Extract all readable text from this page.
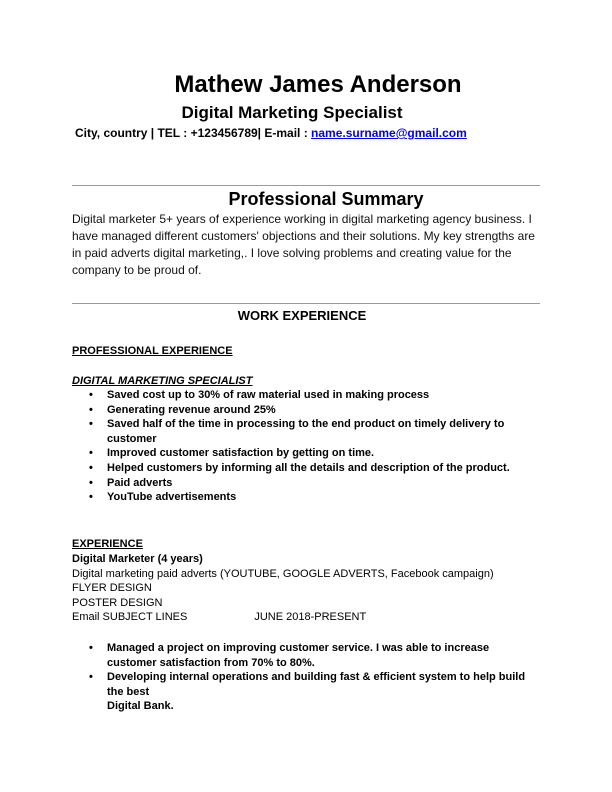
Mathew James Anderson
Digital Marketing Specialist
City, country | TEL : +123456789| E-mail : name.surname@gmail.com
Professional Summary
Digital marketer 5+ years of experience working in digital marketing agency business. I have managed different customers' objections and their solutions. My key strengths are in paid adverts digital marketing,. I love solving problems and creating value for the company to be proud of.
WORK EXPERIENCE
PROFESSIONAL EXPERIENCE
DIGITAL MARKETING SPECIALIST
• Saved cost up to 30% of raw material used in making process
• Generating revenue around 25%
• Saved half of the time in processing to the end product on timely delivery to customer
• Improved customer satisfaction by getting on time.
• Helped customers by informing all the details and description of the product.
• Paid adverts
• YouTube advertisements
EXPERIENCE
Digital Marketer (4 years)
Digital marketing paid adverts (YOUTUBE, GOOGLE ADVERTS, Facebook campaign)
FLYER DESIGN
POSTER DESIGN
Email SUBJECT LINES	JUNE 2018-PRESENT
• Managed a project on improving customer service. I was able to increase customer satisfaction from 70% to 80%.
• Developing internal operations and building fast & efficient system to help build the best
Digital Bank.
